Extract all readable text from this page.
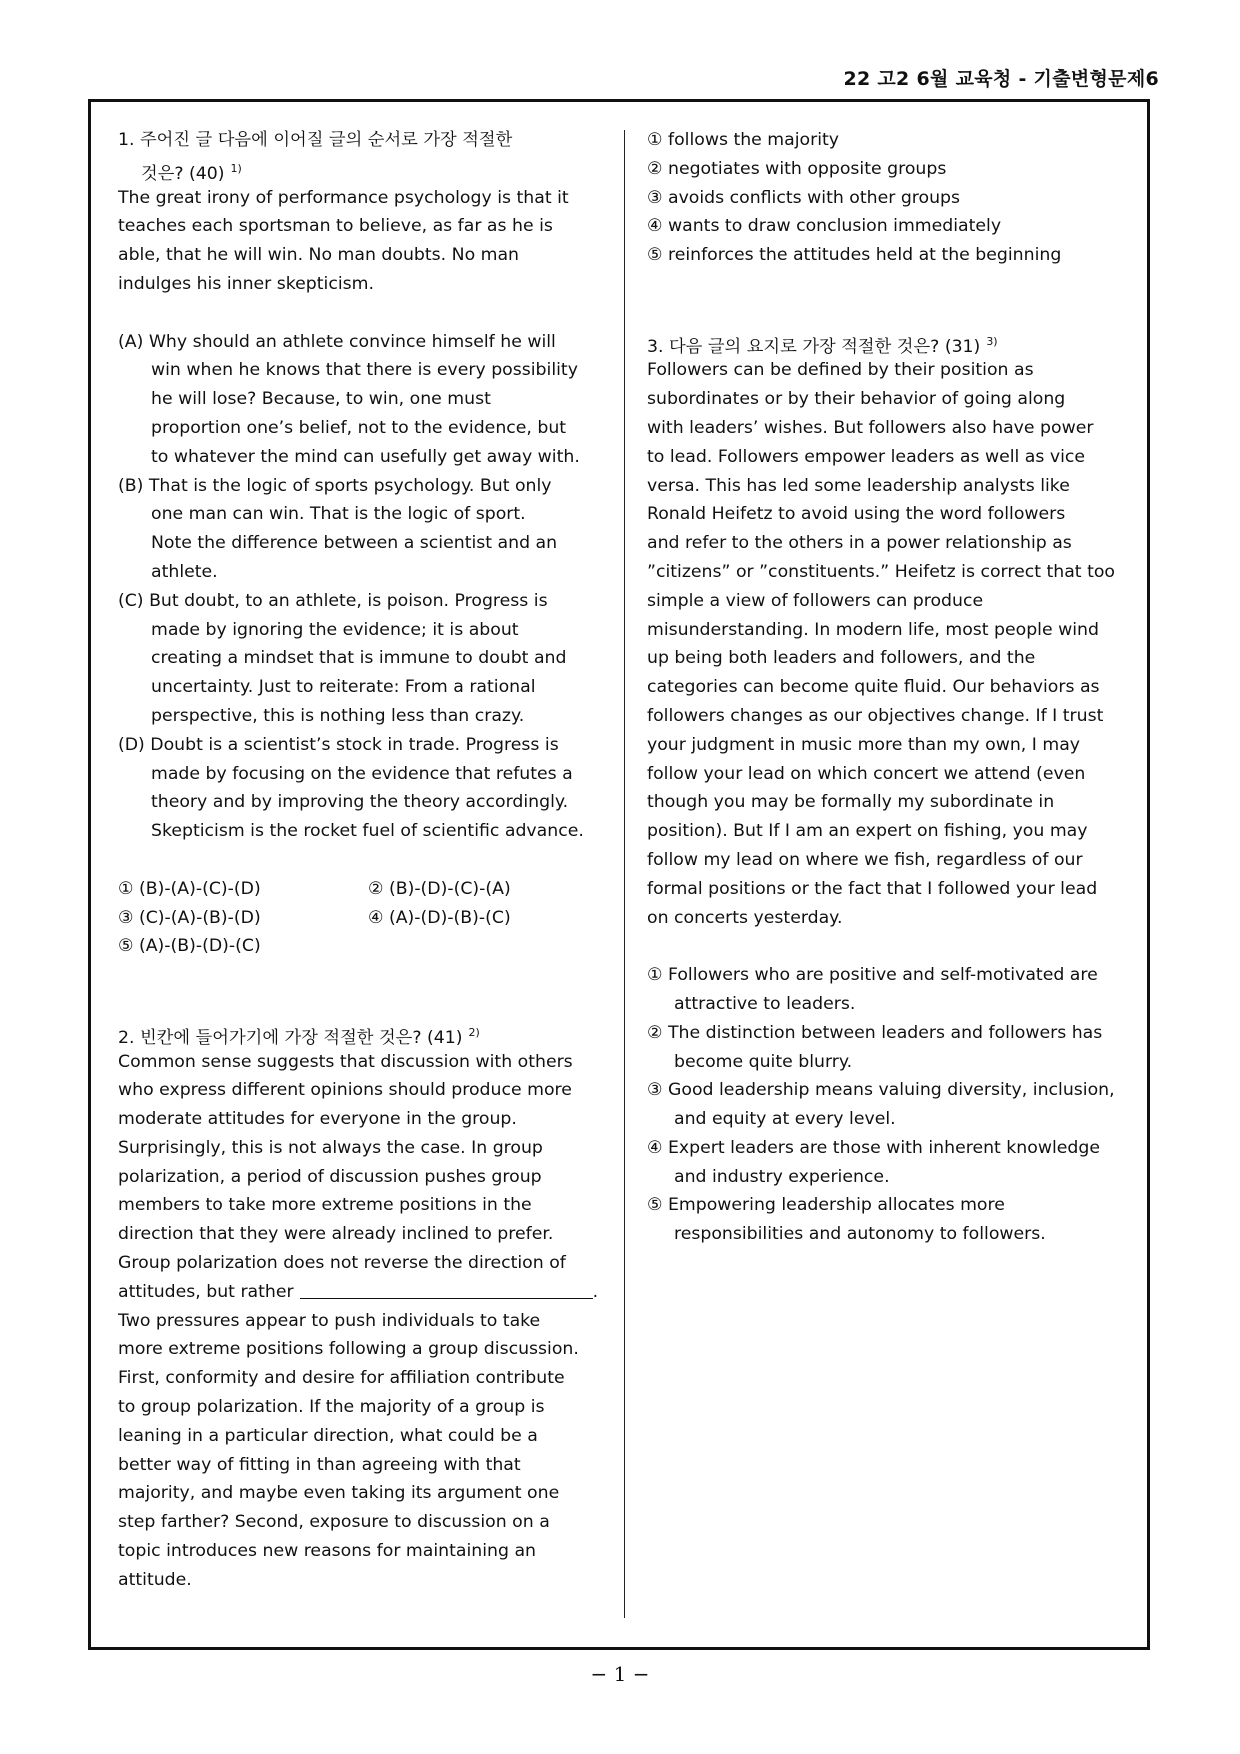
22 고2 6월 교육청 - 기출변형문제6
1. 주어진 글 다음에 이어질 글의 순서로 가장 적절한
것은? (40) $^{1)}$
The great irony of performance psychology is that it
teaches each sportsman to believe, as far as he is
able, that he will win. No man doubts. No man
indulges his inner skepticism.
(A) Why should an athlete convince himself he will
win when he knows that there is every possibility
he will lose? Because, to win, one must
proportion one’s belief, not to the evidence, but
to whatever the mind can usefully get away with.
(B) That is the logic of sports psychology. But only
one man can win. That is the logic of sport.
Note the difference between a scientist and an
athlete.
(C) But doubt, to an athlete, is poison. Progress is
made by ignoring the evidence; it is about
creating a mindset that is immune to doubt and
uncertainty. Just to reiterate: From a rational
perspective, this is nothing less than crazy.
(D) Doubt is a scientist’s stock in trade. Progress is
made by focusing on the evidence that refutes a
theory and by improving the theory accordingly.
Skepticism is the rocket fuel of scientific advance.
① (B)-(A)-(C)-(D)	② (B)-(D)-(C)-(A)
③ (C)-(A)-(B)-(D)	④ (A)-(D)-(B)-(C)
⑤ (A)-(B)-(D)-(C)
2. 빈칸에 들어가기에 가장 적절한 것은? (41) $^{2)}$
Common sense suggests that discussion with others
who express different opinions should produce more
moderate attitudes for everyone in the group.
Surprisingly, this is not always the case. In group
polarization, a period of discussion pushes group
members to take more extreme positions in the
direction that they were already inclined to prefer.
Group polarization does not reverse the direction of
attitudes, but rather	.
Two pressures appear to push individuals to take
more extreme positions following a group discussion.
First, conformity and desire for affiliation contribute
to group polarization. If the majority of a group is
leaning in a particular direction, what could be a
better way of fitting in than agreeing with that
majority, and maybe even taking its argument one
step farther? Second, exposure to discussion on a
topic introduces new reasons for maintaining an
attitude.
① follows the majority
② negotiates with opposite groups
③ avoids conflicts with other groups
④ wants to draw conclusion immediately
⑤ reinforces the attitudes held at the beginning
3. 다음 글의 요지로 가장 적절한 것은? (31) $^{3)}$
Followers can be defined by their position as
subordinates or by their behavior of going along
with leaders’ wishes. But followers also have power
to lead. Followers empower leaders as well as vice
versa. This has led some leadership analysts like
Ronald Heifetz to avoid using the word followers
and refer to the others in a power relationship as
”citizens” or ”constituents.” Heifetz is correct that too
simple a view of followers can produce
misunderstanding. In modern life, most people wind
up being both leaders and followers, and the
categories can become quite fluid. Our behaviors as
followers changes as our objectives change. If I trust
your judgment in music more than my own, I may
follow your lead on which concert we attend (even
though you may be formally my subordinate in
position). But If I am an expert on fishing, you may
follow my lead on where we fish, regardless of our
formal positions or the fact that I followed your lead
on concerts yesterday.
① Followers who are positive and self-motivated are
attractive to leaders.
② The distinction between leaders and followers has
become quite blurry.
③ Good leadership means valuing diversity, inclusion,
and equity at every level.
④ Expert leaders are those with inherent knowledge
and industry experience.
⑤ Empowering leadership allocates more
responsibilities and autonomy to followers.
− 1 −
